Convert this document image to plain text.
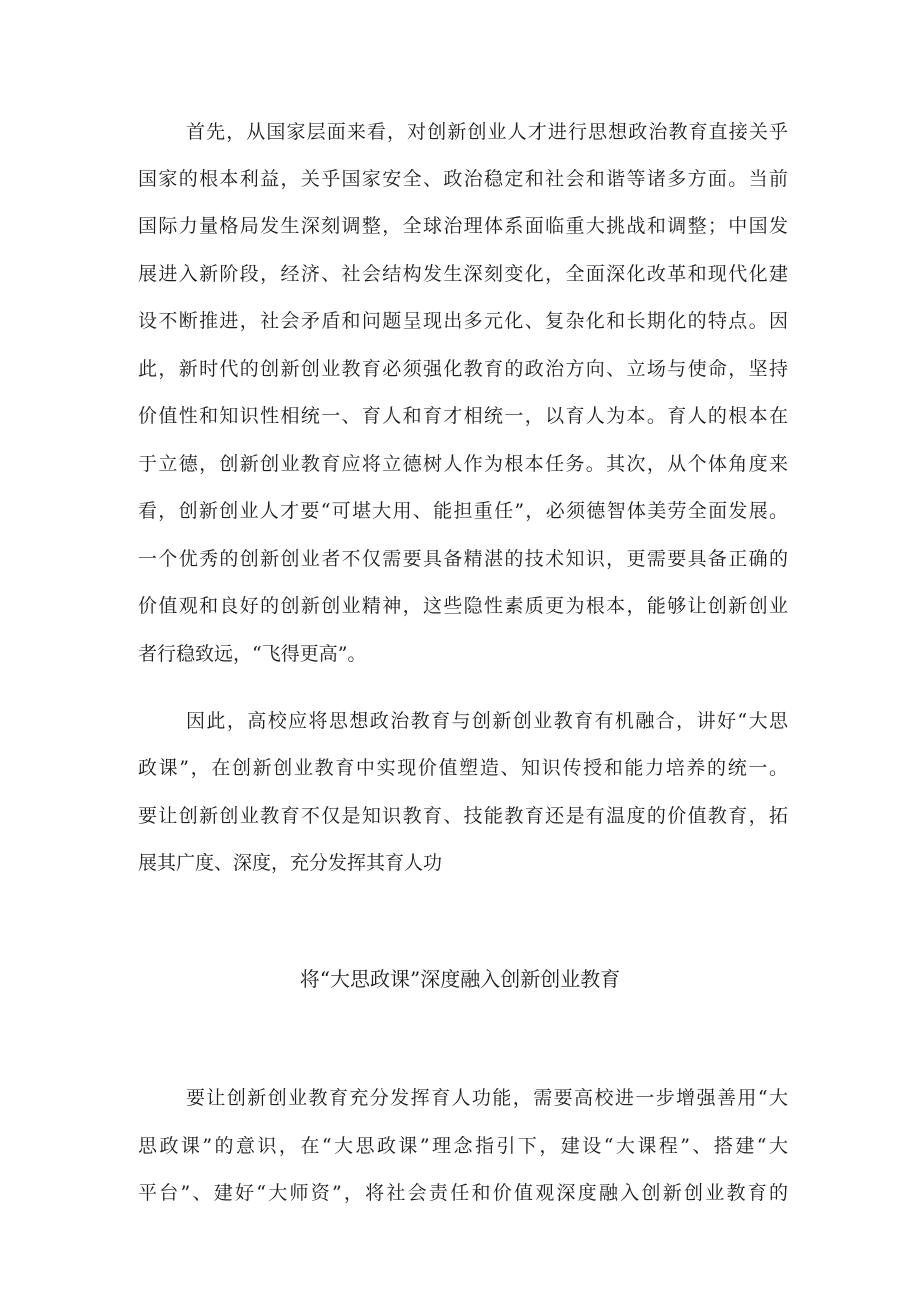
首先，从国家层面来看，对创新创业人才进行思想政治教育直接关乎
国家的根本利益，关乎国家安全、政治稳定和社会和谐等诸多方面。当前
国际力量格局发生深刻调整，全球治理体系面临重大挑战和调整；中国发
展进入新阶段，经济、社会结构发生深刻变化，全面深化改革和现代化建
设不断推进，社会矛盾和问题呈现出多元化、复杂化和长期化的特点。因
此，新时代的创新创业教育必须强化教育的政治方向、立场与使命，坚持
价值性和知识性相统一、育人和育才相统一，以育人为本。育人的根本在
于立德，创新创业教育应将立德树人作为根本任务。其次，从个体角度来
看，创新创业人才要“可堪大用、能担重任”，必须德智体美劳全面发展。
一个优秀的创新创业者不仅需要具备精湛的技术知识，更需要具备正确的
价值观和良好的创新创业精神，这些隐性素质更为根本，能够让创新创业
者行稳致远，“飞得更高”。
因此，高校应将思想政治教育与创新创业教育有机融合，讲好“大思
政课”，在创新创业教育中实现价值塑造、知识传授和能力培养的统一。
要让创新创业教育不仅是知识教育、技能教育还是有温度的价值教育，拓
展其广度、深度，充分发挥其育人功
将“大思政课”深度融入创新创业教育
要让创新创业教育充分发挥育人功能，需要高校进一步增强善用“大
思政课”的意识，在“大思政课”理念指引下，建设“大课程”、搭建“大
平台”、建好“大师资”，将社会责任和价值观深度融入创新创业教育的
